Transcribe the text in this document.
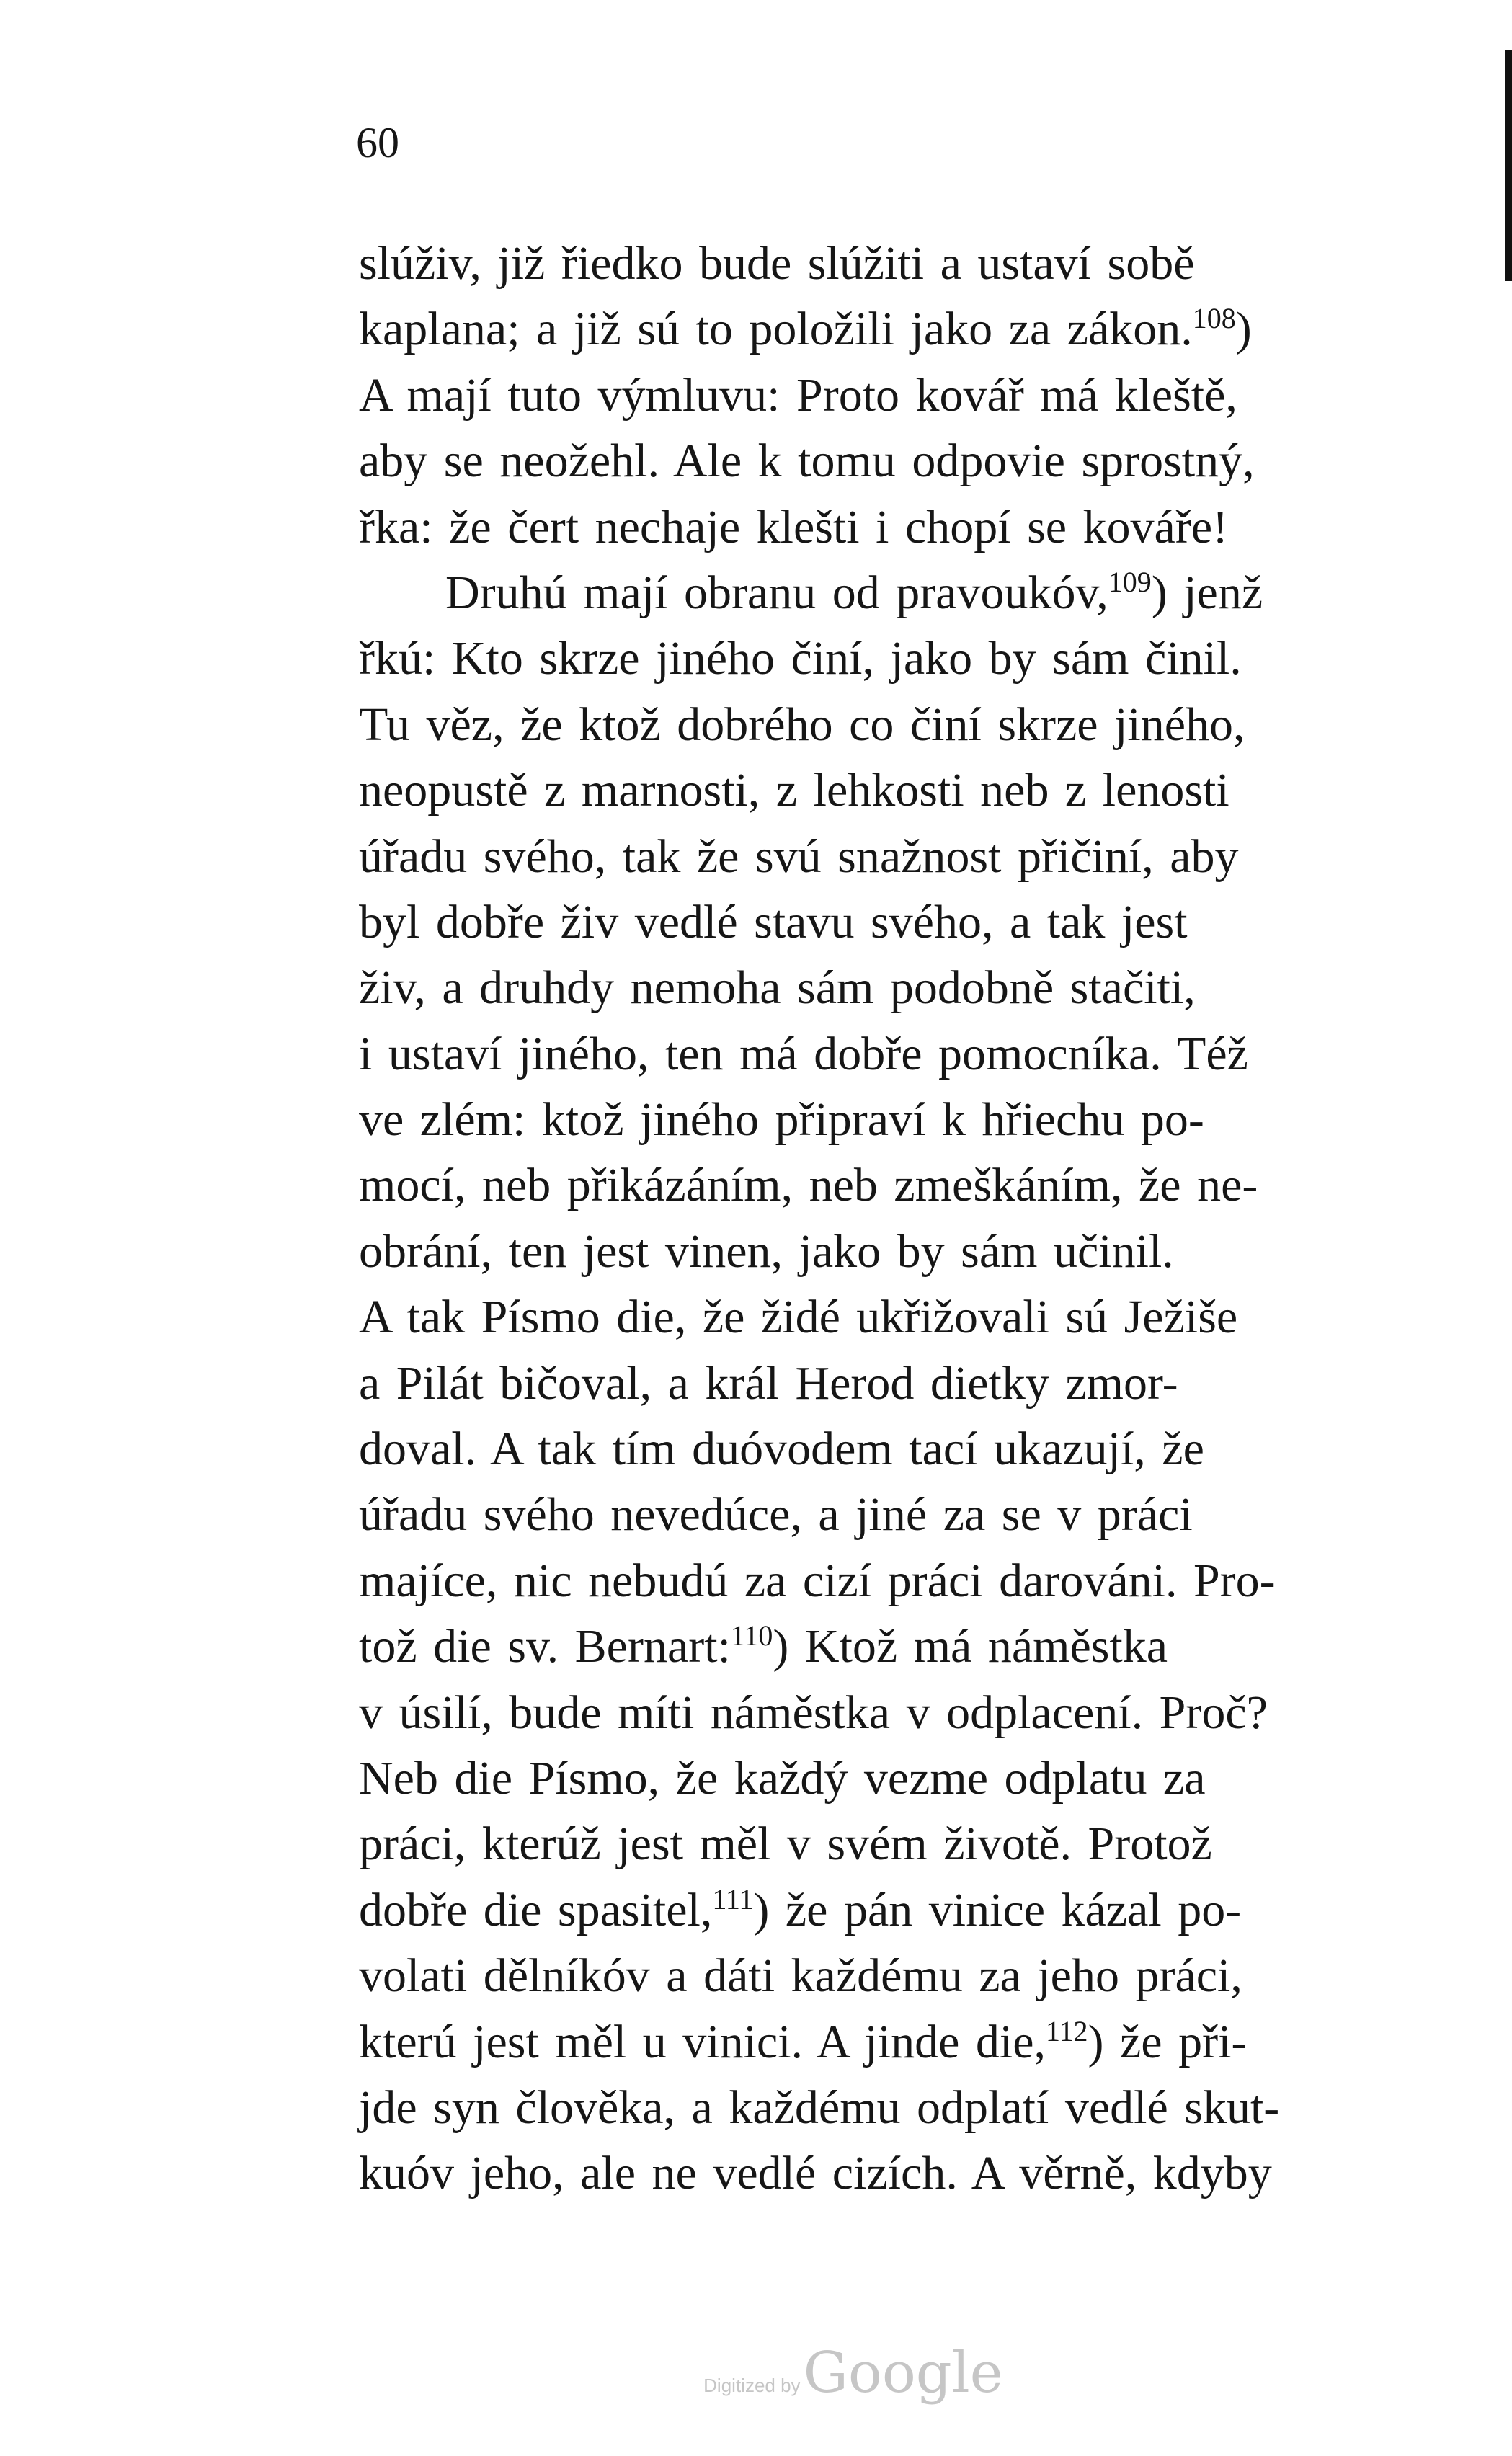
60
slúživ, již řiedko bude slúžiti a ustaví sobě
kaplana; a již sú to položili jako za zákon.$^{108}$)
A mají tuto výmluvu: Proto kovář má kleště,
aby se neožehl. Ale k tomu odpovie sprostný,
řka: že čert nechaje klešti i chopí se kováře!
Druhú mají obranu od pravoukóv,$^{109}$) jenž
řkú: Kto skrze jiného činí, jako by sám činil.
Tu věz, že ktož dobrého co činí skrze jiného,
neopustě z marnosti, z lehkosti neb z lenosti
úřadu svého, tak že svú snažnost přičiní, aby
byl dobře živ vedlé stavu svého, a tak jest
živ, a druhdy nemoha sám podobně stačiti,
i ustaví jiného, ten má dobře pomocníka. Též
ve zlém: ktož jiného připraví k hřiechu po-
mocí, neb přikázáním, neb zmeškáním, že ne-
obrání, ten jest vinen, jako by sám učinil.
A tak Písmo die, že židé ukřižovali sú Ježiše
a Pilát bičoval, a král Herod dietky zmor-
doval. A tak tím duóvodem tací ukazují, že
úřadu svého nevedúce, a jiné za se v práci
majíce, nic nebudú za cizí práci darováni. Pro-
tož die sv. Bernart:$^{110}$) Ktož má náměstka
v úsilí, bude míti náměstka v odplacení. Proč?
Neb die Písmo, že každý vezme odplatu za
práci, kterúž jest měl v svém životě. Protož
dobře die spasitel,$^{111}$) že pán vinice kázal po-
volati dělníkóv a dáti každému za jeho práci,
kterú jest měl u vinici. A jinde die,$^{112}$) že při-
jde syn člověka, a každému odplatí vedlé skut-
kuóv jeho, ale ne vedlé cizích. A věrně, kdyby
Digitized byGoogle
